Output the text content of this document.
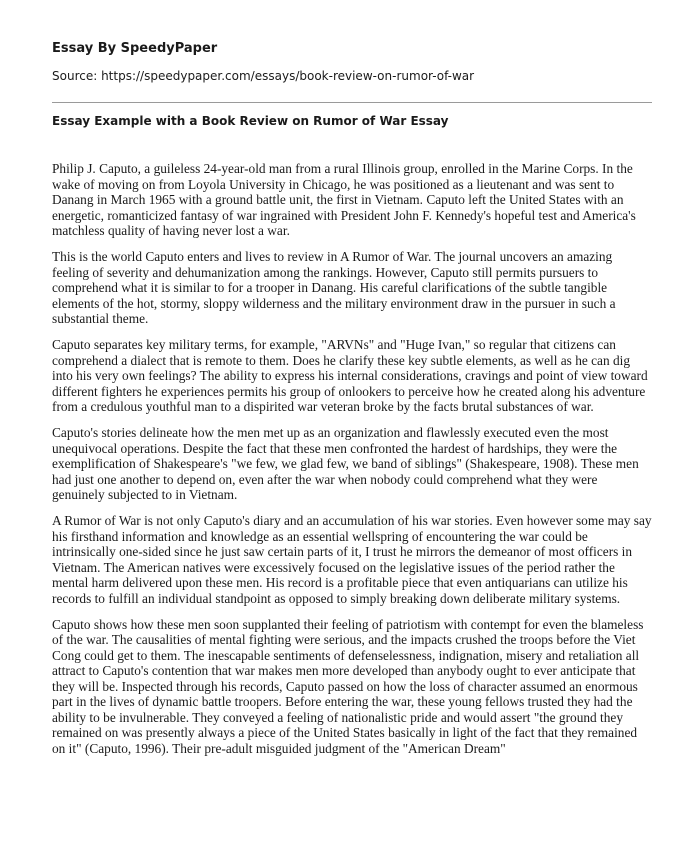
Essay By SpeedyPaper
Source: https://speedypaper.com/essays/book-review-on-rumor-of-war
Essay Example with a Book Review on Rumor of War Essay

Philip J. Caputo, a guileless 24-year-old man from a rural Illinois group, enrolled in the Marine Corps. In the wake of moving on from Loyola University in Chicago, he was positioned as a lieutenant and was sent to Danang in March 1965 with a ground battle unit, the first in Vietnam. Caputo left the United States with an energetic, romanticized fantasy of war ingrained with President John F. Kennedy's hopeful test and America's matchless quality of having never lost a war.

This is the world Caputo enters and lives to review in A Rumor of War. The journal uncovers an amazing feeling of severity and dehumanization among the rankings. However, Caputo still permits pursuers to comprehend what it is similar to for a trooper in Danang. His careful clarifications of the subtle tangible elements of the hot, stormy, sloppy wilderness and the military environment draw in the pursuer in such a substantial theme.

Caputo separates key military terms, for example, "ARVNs" and "Huge Ivan," so regular that citizens can comprehend a dialect that is remote to them. Does he clarify these key subtle elements, as well as he can dig into his very own feelings? The ability to express his internal considerations, cravings and point of view toward different fighters he experiences permits his group of onlookers to perceive how he created along his adventure from a credulous youthful man to a dispirited war veteran broke by the facts brutal substances of war.

Caputo's stories delineate how the men met up as an organization and flawlessly executed even the most unequivocal operations. Despite the fact that these men confronted the hardest of hardships, they were the exemplification of Shakespeare's "we few, we glad few, we band of siblings" (Shakespeare, 1908). These men had just one another to depend on, even after the war when nobody could comprehend what they were genuinely subjected to in Vietnam.

A Rumor of War is not only Caputo's diary and an accumulation of his war stories. Even however some may say his firsthand information and knowledge as an essential wellspring of encountering the war could be intrinsically one-sided since he just saw certain parts of it, I trust he mirrors the demeanor of most officers in Vietnam. The American natives were excessively focused on the legislative issues of the period rather the mental harm delivered upon these men. His record is a profitable piece that even antiquarians can utilize his records to fulfill an individual standpoint as opposed to simply breaking down deliberate military systems.

Caputo shows how these men soon supplanted their feeling of patriotism with contempt for even the blameless of the war. The causalities of mental fighting were serious, and the impacts crushed the troops before the Viet Cong could get to them. The inescapable sentiments of defenselessness, indignation, misery and retaliation all attract to Caputo's contention that war makes men more developed than anybody ought to ever anticipate that they will be. Inspected through his records, Caputo passed on how the loss of character assumed an enormous part in the lives of dynamic battle troopers. Before entering the war, these young fellows trusted they had the ability to be invulnerable. They conveyed a feeling of nationalistic pride and would assert "the ground they remained on was presently always a piece of the United States basically in light of the fact that they remained on it" (Caputo, 1996). Their pre-adult misguided judgment of the "American Dream"
